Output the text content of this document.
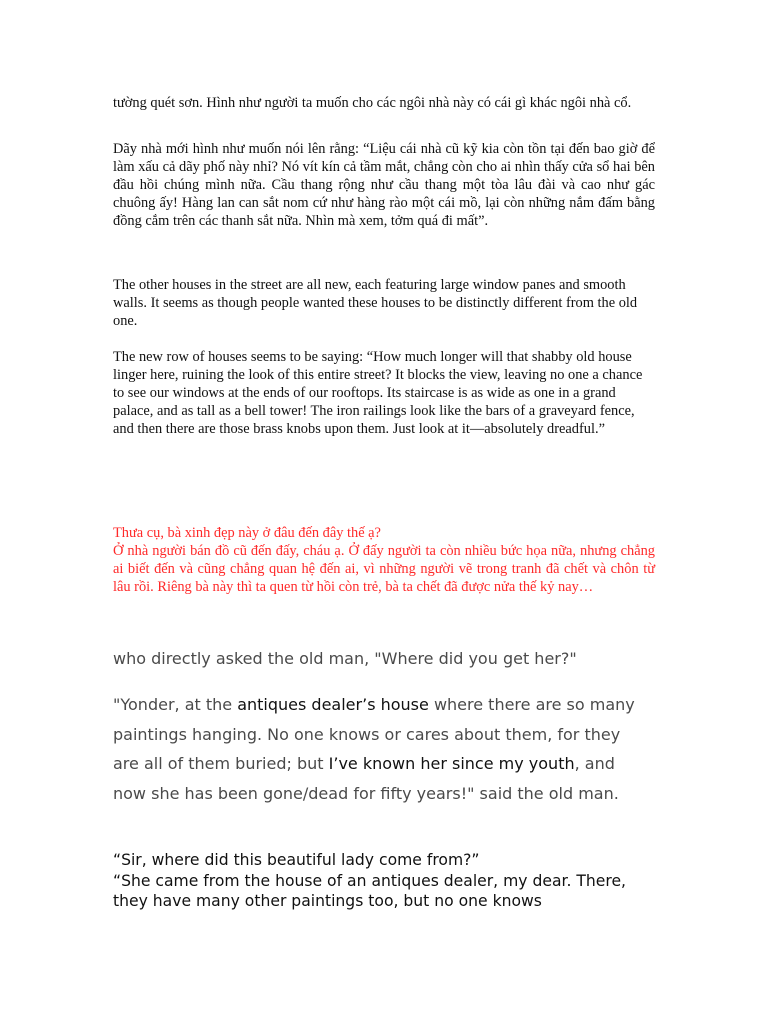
tường quét sơn. Hình như người ta muốn cho các ngôi nhà này có cái gì khác ngôi nhà cổ.

Dãy nhà mới hình như muốn nói lên rằng: “Liệu cái nhà cũ kỹ kia còn tồn tại đến bao giờ để làm xấu cả dãy phố này nhỉ? Nó vít kín cả tầm mắt, chẳng còn cho ai nhìn thấy cửa sổ hai bên đầu hồi chúng mình nữa. Cầu thang rộng như cầu thang một tòa lâu đài và cao như gác chuông ấy! Hàng lan can sắt nom cứ như hàng rào một cái mồ, lại còn những nắm đấm bằng đồng cắm trên các thanh sắt nữa. Nhìn mà xem, tởm quá đi mất”.

The other houses in the street are all new, each featuring large window panes and smooth walls. It seems as though people wanted these houses to be distinctly different from the old one.

The new row of houses seems to be saying: “How much longer will that shabby old house linger here, ruining the look of this entire street? It blocks the view, leaving no one a chance to see our windows at the ends of our rooftops. Its staircase is as wide as one in a grand palace, and as tall as a bell tower! The iron railings look like the bars of a graveyard fence, and then there are those brass knobs upon them. Just look at it—absolutely dreadful.”

Thưa cụ, bà xinh đẹp này ở đâu đến đây thế ạ?

Ở nhà người bán đồ cũ đến đấy, cháu ạ. Ở đấy người ta còn nhiều bức họa nữa, nhưng chẳng ai biết đến và cũng chẳng quan hệ đến ai, vì những người vẽ trong tranh đã chết và chôn từ lâu rồi. Riêng bà này thì ta quen từ hồi còn trẻ, bà ta chết đã được nửa thế kỷ nay…

who directly asked the old man, "Where did you get her?"

"Yonder, at the antiques dealer’s house where there are so many paintings hanging. No one knows or cares about them, for they are all of them buried; but I’ve known her since my youth, and now she has been gone/dead for fifty years!" said the old man.

“Sir, where did this beautiful lady come from?”

“She came from the house of an antiques dealer, my dear. There, they have many other paintings too, but no one knows
